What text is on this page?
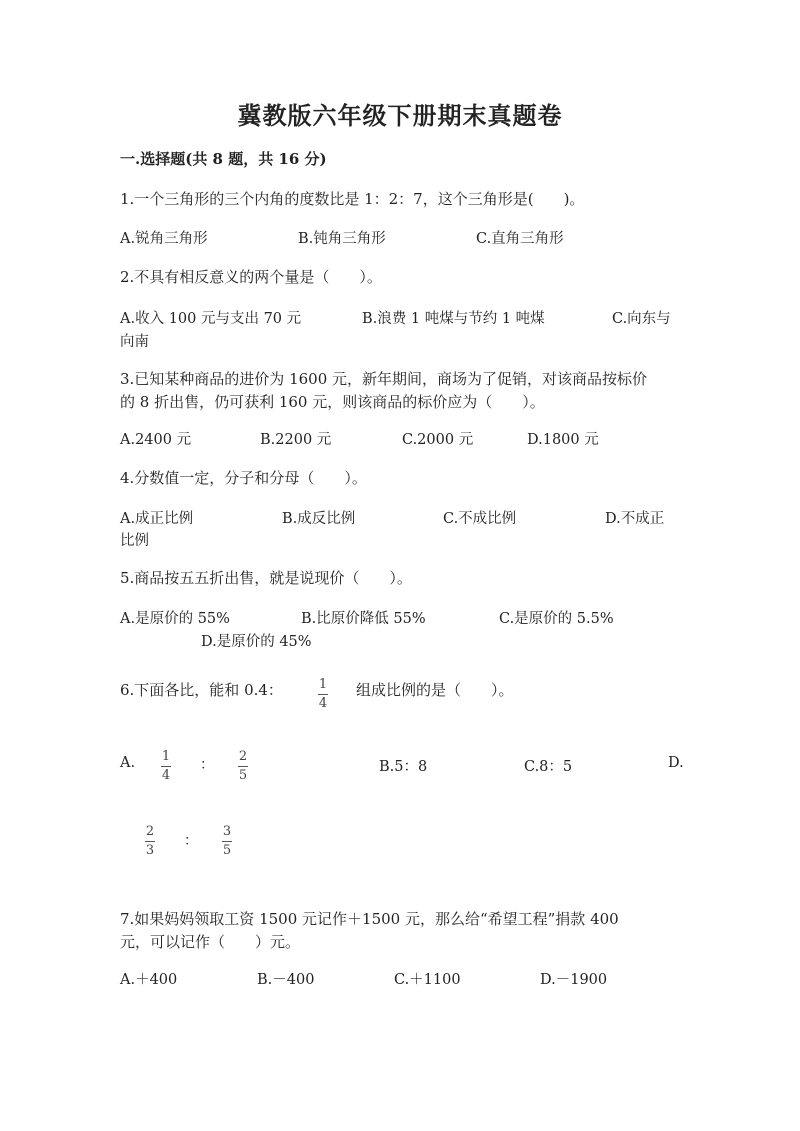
冀教版六年级下册期末真题卷
一.选择题(共 8 题，共 16 分)
1.一个三角形的三个内角的度数比是 1：2：7，这个三角形是(　　)。
A.锐角三角形	B.钝角三角形	C.直角三角形
2.不具有相反意义的两个量是（　　）。
A.收入 100 元与支出 70 元	B.浪费 1 吨煤与节约 1 吨煤	C.向东与
向南
3.已知某种商品的进价为 1600 元，新年期间，商场为了促销，对该商品按标价
的 8 折出售，仍可获利 160 元，则该商品的标价应为（　　）。
A.2400 元	B.2200 元	C.2000 元	D.1800 元
4.分数值一定，分子和分母（　　）。
A.成正比例	B.成反比例	C.不成比例	D.不成正
比例
5.商品按五五折出售，就是说现价（　　）。
A.是原价的 55%	B.比原价降低 55%	C.是原价的 5.5%
D.是原价的 45%
6.下面各比，能和 0.4：	1
4
组成比例的是（　　）。
A. 1
4
：
2
5
B.5：8	C.8：5	D.
2
3
：
3
5
7.如果妈妈领取工资 1500 元记作＋1500 元，那么给“希望工程”捐款 400
元，可以记作（　　）元。
A.＋400	B.－400	C.＋1100	D.－1900
